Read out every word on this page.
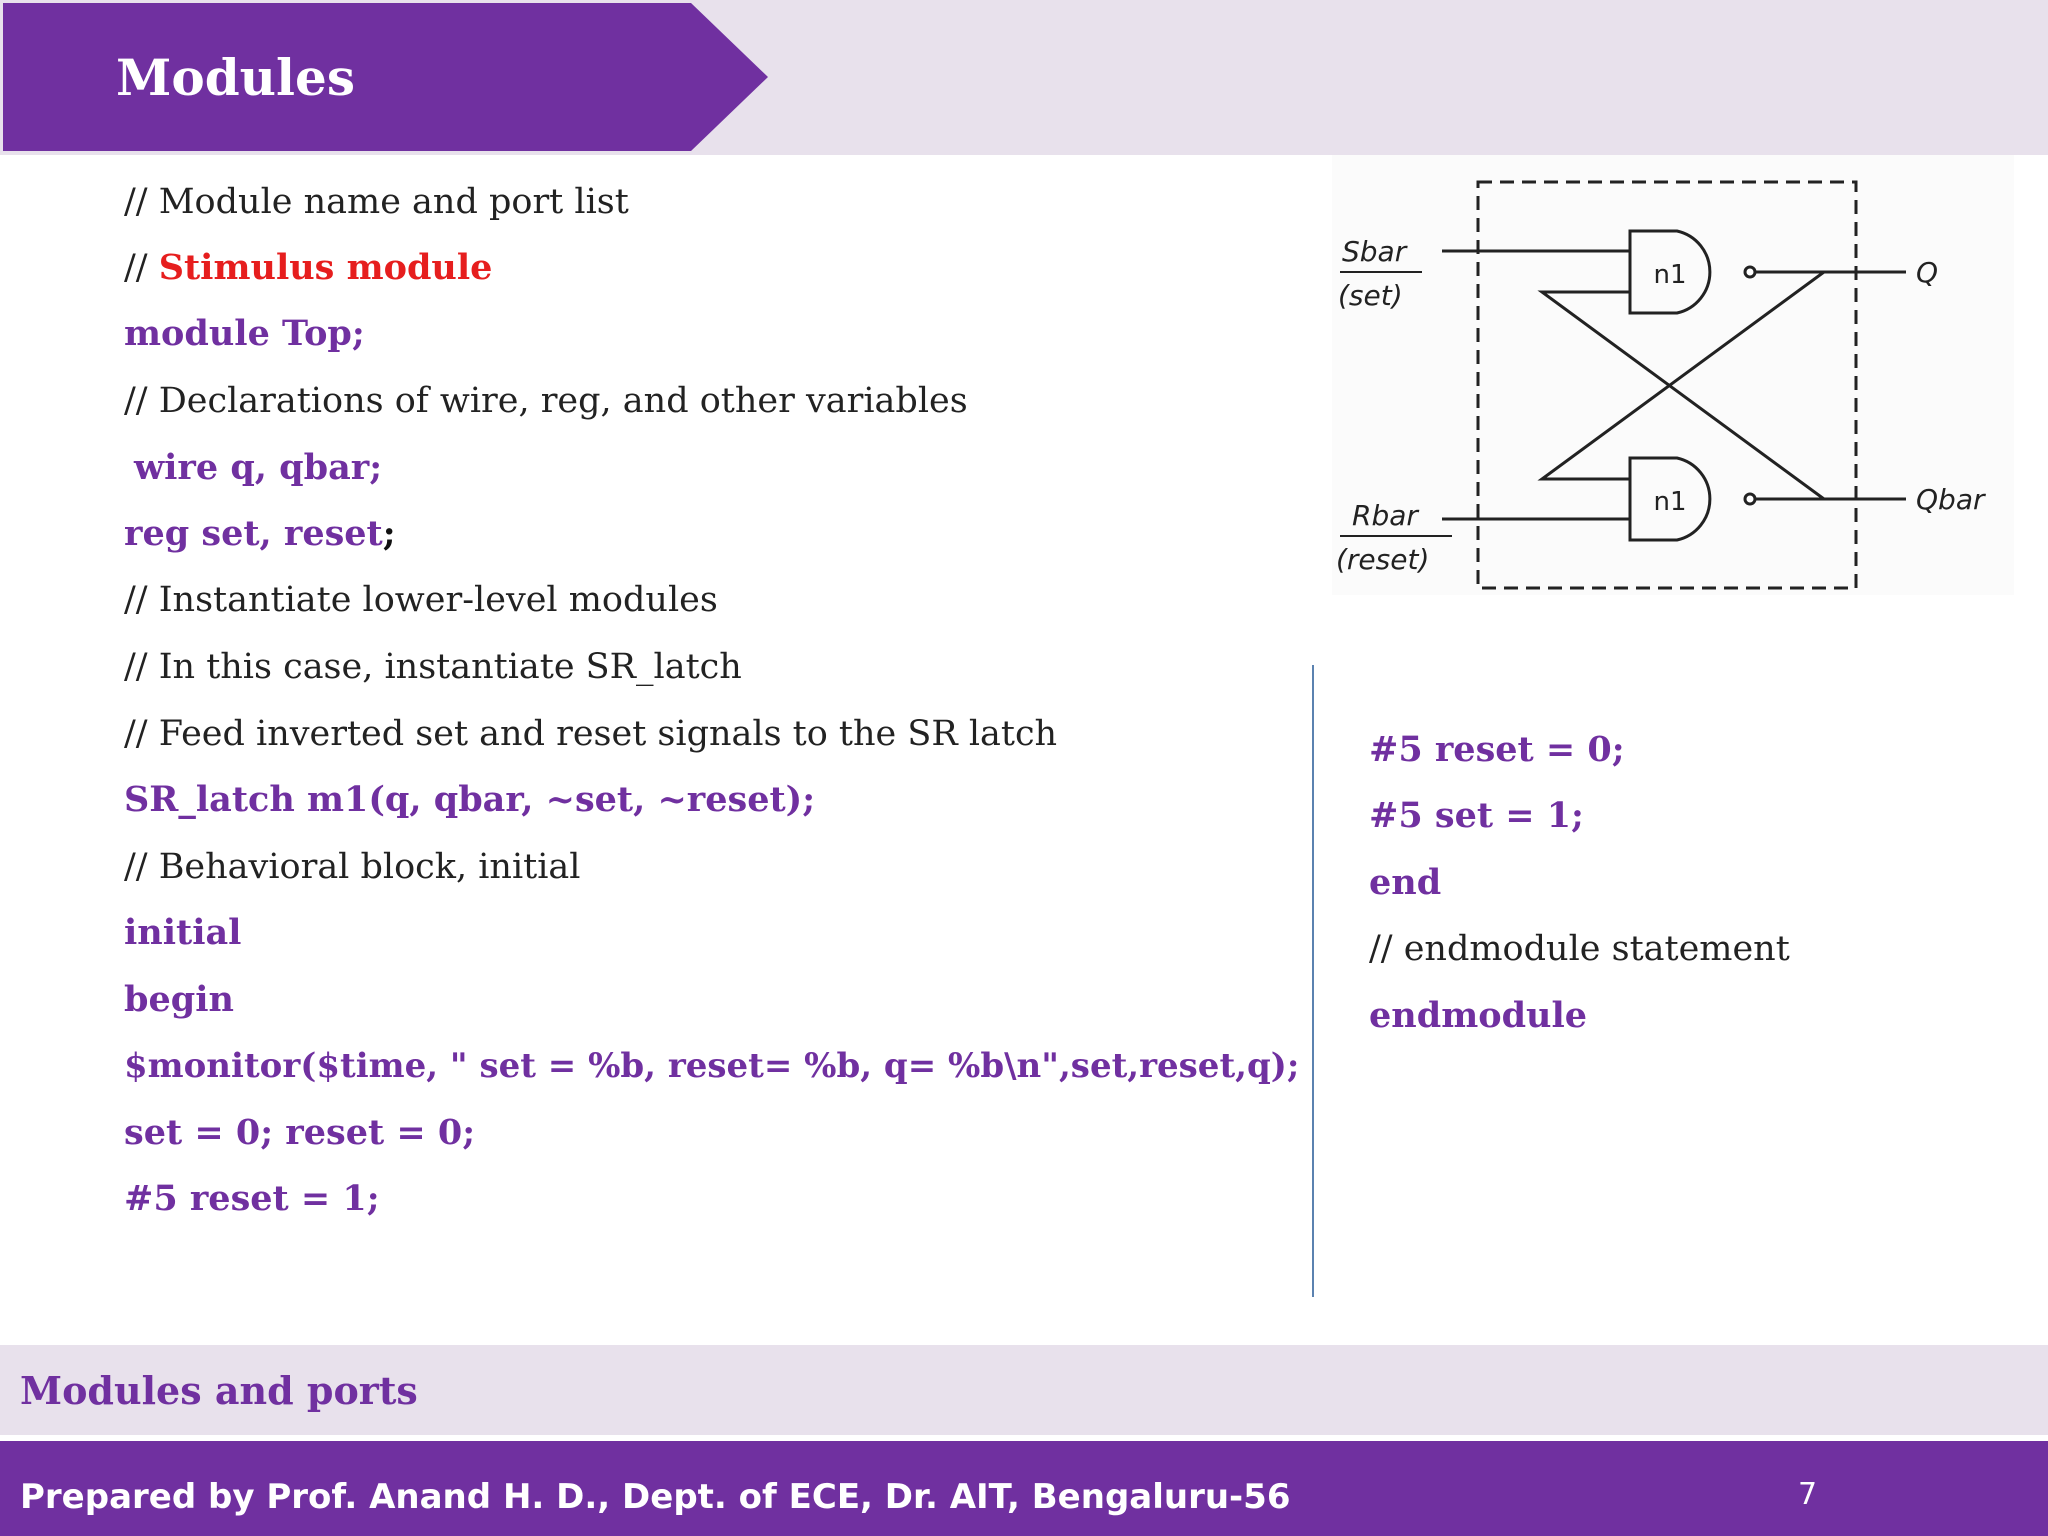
Modules
// Module name and port list
// Stimulus module
module Top;
// Declarations of wire, reg, and other variables
wire q, qbar;
reg set, reset;
// Instantiate lower-level modules
// In this case, instantiate SR_latch
// Feed inverted set and reset signals to the SR latch
SR_latch m1(q, qbar, ~set, ~reset);
// Behavioral block, initial
initial
begin
$monitor($time, " set = %b, reset= %b, q= %b\n",set,reset,q);
set = 0; reset = 0;
#5 reset = 1;
#5 reset = 0;
#5 set = 1;
end
// endmodule statement
endmodule
Sbar
(set)
Rbar
(reset)
n1
n1
Q
Qbar
Modules and ports
Prepared by Prof. Anand H. D., Dept. of ECE, Dr. AIT, Bengaluru-56	7
